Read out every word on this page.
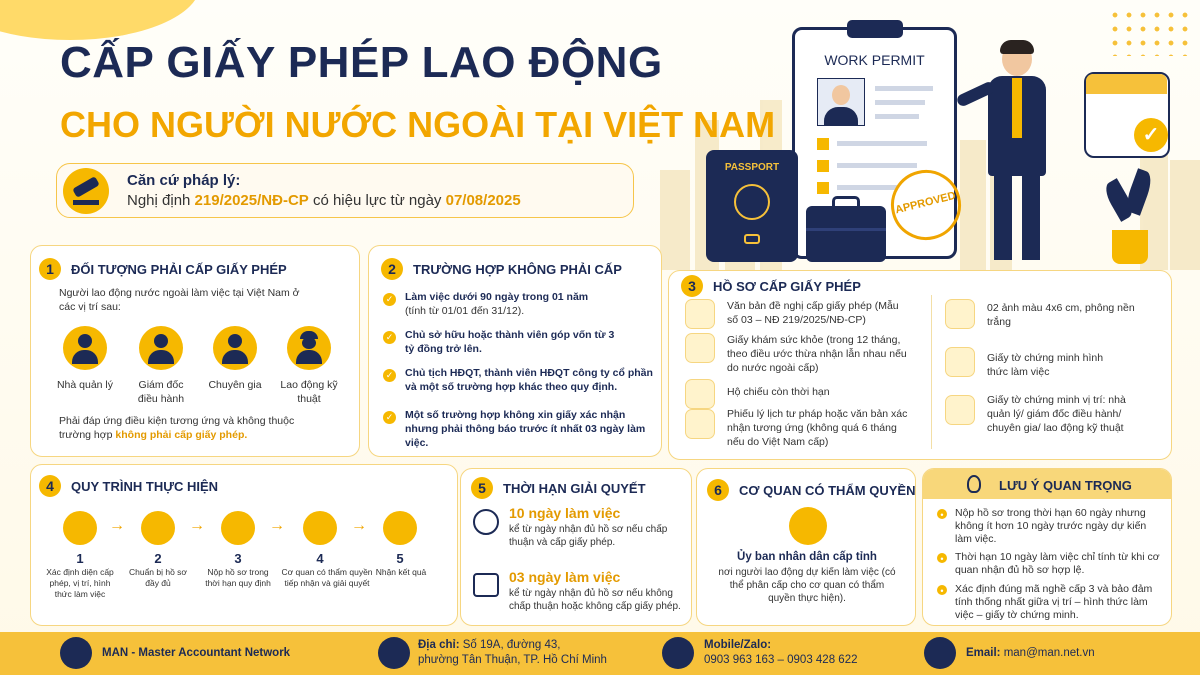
WORK PERMIT
APPROVED
PASSPORT
✓
CẤP GIẤY PHÉP LAO ĐỘNG
CHO NGƯỜI NƯỚC NGOÀI TẠI VIỆT NAM
Căn cứ pháp lý:
Nghị định 219/2025/NĐ-CP có hiệu lực từ ngày 07/08/2025
1	ĐỐI TƯỢNG PHẢI CẤP GIẤY PHÉP
Người lao động nước ngoài làm việc tại Việt Nam ở các vị trí sau:
Nhà quản lý	Giám đốc điều hành
Chuyên gia	Lao động kỹ thuật
Phải đáp ứng điều kiện tương ứng và không thuộc trường hợp không phải cấp giấy phép.
2	TRƯỜNG HỢP KHÔNG PHẢI CẤP
✓ Làm việc dưới 90 ngày trong 01 năm
(tính từ 01/01 đến 31/12).
✓ Chủ sở hữu hoặc thành viên góp vốn từ 3 tỷ đồng trở lên.
✓ Chủ tịch HĐQT, thành viên HĐQT công ty cổ phần và một số trường hợp khác theo quy định.
✓ Một số trường hợp không xin giấy xác nhận nhưng phải thông báo trước ít nhất 03 ngày làm việc.
3	HỒ SƠ CẤP GIẤY PHÉP
Văn bản đề nghị cấp giấy phép (Mẫu số 03 – NĐ 219/2025/NĐ-CP)
Giấy khám sức khỏe (trong 12 tháng, theo điều ước thừa nhận lẫn nhau nếu do nước ngoài cấp)
Hộ chiếu còn thời hạn
Phiếu lý lịch tư pháp hoặc văn bản xác nhận tương ứng (không quá 6 tháng nếu do Việt Nam cấp)
02 ảnh màu 4x6 cm, phông nền trắng
Giấy tờ chứng minh hình thức làm việc
Giấy tờ chứng minh vị trí: nhà quản lý/ giám đốc điều hành/ chuyên gia/ lao động kỹ thuật
4	QUY TRÌNH THỰC HIỆN
→	→	→	→
1	2	3	4	5
Xác định diện cấp phép, vị trí, hình thức làm việc
Chuẩn bị hồ sơ đầy đủ
Nộp hồ sơ trong thời hạn quy định
Cơ quan có thẩm quyền tiếp nhận và giải quyết
Nhận kết quả
5	THỜI HẠN GIẢI QUYẾT
10 ngày làm việc
kể từ ngày nhận đủ hồ sơ nếu chấp thuận và cấp giấy phép.
03 ngày làm việc
kể từ ngày nhận đủ hồ sơ nếu không chấp thuận hoặc không cấp giấy phép.
6	CƠ QUAN CÓ THẨM QUYỀN
Ủy ban nhân dân cấp tỉnh
nơi người lao động dự kiến làm việc (có thể phân cấp cho cơ quan có thẩm quyền thực hiện).
LƯU Ý QUAN TRỌNG
•	Nộp hồ sơ trong thời hạn 60 ngày nhưng không ít hơn 10 ngày trước ngày dự kiến làm việc.
•	Thời hạn 10 ngày làm việc chỉ tính từ khi cơ quan nhận đủ hồ sơ hợp lệ.
•	Xác định đúng mã nghề cấp 3 và bảo đảm tính thống nhất giữa vị trí – hình thức làm việc – giấy tờ chứng minh.
MAN - Master Accountant Network
Địa chỉ: Số 19A, đường 43,
phường Tân Thuận, TP. Hồ Chí Minh
Mobile/Zalo:
0903 963 163 – 0903 428 622
Email: man@man.net.vn
